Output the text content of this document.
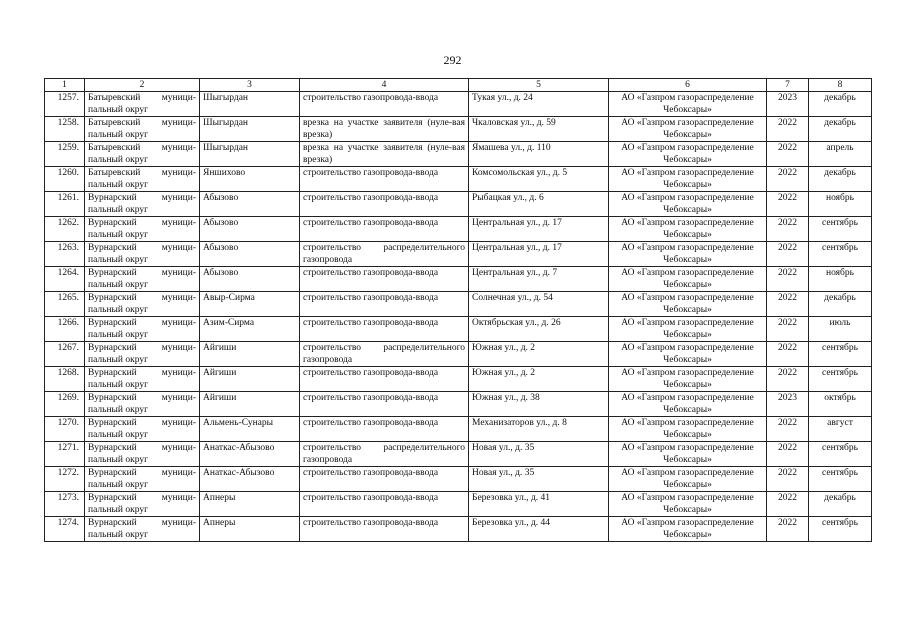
292
1	2	3	4	5	6	7	8
1257.	Батыревский муници-пальный округ	Шыгырдан	строительство газопровода-ввода	Тукая ул., д. 24	АО «Газпром газораспределение Чебоксары»	2023	декабрь
1258.	Батыревский муници-пальный округ	Шыгырдан	врезка на участке заявителя (нуле-вая врезка)	Чкаловская ул., д. 59	АО «Газпром газораспределение Чебоксары»	2022	декабрь
1259.	Батыревский муници-пальный округ	Шыгырдан	врезка на участке заявителя (нуле-вая врезка)	Ямашева ул., д. 110	АО «Газпром газораспределение Чебоксары»	2022	апрель
1260.	Батыревский муници-пальный округ	Яншихово	строительство газопровода-ввода	Комсомольская ул., д. 5	АО «Газпром газораспределение Чебоксары»	2022	декабрь
1261.	Вурнарский муници-пальный округ	Абызово	строительство газопровода-ввода	Рыбацкая ул., д. 6	АО «Газпром газораспределение Чебоксары»	2022	ноябрь
1262.	Вурнарский муници-пальный округ	Абызово	строительство газопровода-ввода	Центральная ул., д. 17	АО «Газпром газораспределение Чебоксары»	2022	сентябрь
1263.	Вурнарский муници-пальный округ	Абызово	строительство распределительного газопровода	Центральная ул., д. 17	АО «Газпром газораспределение Чебоксары»	2022	сентябрь
1264.	Вурнарский муници-пальный округ	Абызово	строительство газопровода-ввода	Центральная ул., д. 7	АО «Газпром газораспределение Чебоксары»	2022	ноябрь
1265.	Вурнарский муници-пальный округ	Авыр-Сирма	строительство газопровода-ввода	Солнечная ул., д. 54	АО «Газпром газораспределение Чебоксары»	2022	декабрь
1266.	Вурнарский муници-пальный округ	Азим-Сирма	строительство газопровода-ввода	Октябрьская ул., д. 26	АО «Газпром газораспределение Чебоксары»	2022	июль
1267.	Вурнарский муници-пальный округ	Айгиши	строительство распределительного газопровода	Южная ул., д. 2	АО «Газпром газораспределение Чебоксары»	2022	сентябрь
1268.	Вурнарский муници-пальный округ	Айгиши	строительство газопровода-ввода	Южная ул., д. 2	АО «Газпром газораспределение Чебоксары»	2022	сентябрь
1269.	Вурнарский муници-пальный округ	Айгиши	строительство газопровода-ввода	Южная ул., д. 38	АО «Газпром газораспределение Чебоксары»	2023	октябрь
1270.	Вурнарский муници-пальный округ	Альмень-Сунары	строительство газопровода-ввода	Механизаторов ул., д. 8	АО «Газпром газораспределение Чебоксары»	2022	август
1271.	Вурнарский муници-пальный округ	Анаткас-Абызово	строительство распределительного газопровода	Новая ул., д. 35	АО «Газпром газораспределение Чебоксары»	2022	сентябрь
1272.	Вурнарский муници-пальный округ	Анаткас-Абызово	строительство газопровода-ввода	Новая ул., д. 35	АО «Газпром газораспределение Чебоксары»	2022	сентябрь
1273.	Вурнарский муници-пальный округ	Апнеры	строительство газопровода-ввода	Березовка ул., д. 41	АО «Газпром газораспределение Чебоксары»	2022	декабрь
1274.	Вурнарский муници-пальный округ	Апнеры	строительство газопровода-ввода	Березовка ул., д. 44	АО «Газпром газораспределение Чебоксары»	2022	сентябрь
